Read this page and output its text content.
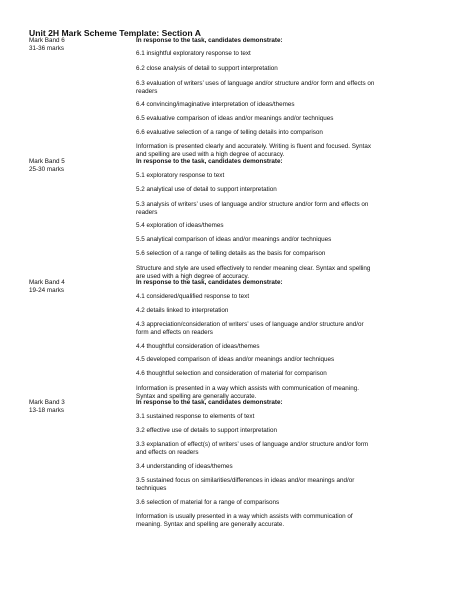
Unit 2H Mark Scheme Template: Section A
Mark Band 6
31-36 marks
In response to the task, candidates demonstrate:
6.1 insightful exploratory response to text
6.2 close analysis of detail to support interpretation
6.3 evaluation of writers’ uses of language and/or structure and/or form and effects on readers
6.4 convincing/imaginative interpretation of ideas/themes
6.5 evaluative comparison of ideas and/or meanings and/or techniques
6.6 evaluative selection of a range of telling details into comparison
Information is presented clearly and accurately. Writing is fluent and focused. Syntax and spelling are used with a high degree of accuracy.
Mark Band 5
25-30 marks
In response to the task, candidates demonstrate:
5.1 exploratory response to text
5.2 analytical use of detail to support interpretation
5.3 analysis of writers’ uses of language and/or structure and/or form and effects on readers
5.4 exploration of ideas/themes
5.5 analytical comparison of ideas and/or meanings and/or techniques
5.6 selection of a range of telling details as the basis for comparison
Structure and style are used effectively to render meaning clear. Syntax and spelling are used with a high degree of accuracy.
Mark Band 4
19-24 marks
In response to the task, candidates demonstrate:
4.1 considered/qualified response to text
4.2 details linked to interpretation
4.3 appreciation/consideration of writers’ uses of language and/or structure and/or form and effects on readers
4.4 thoughtful consideration of ideas/themes
4.5 developed comparison of ideas and/or meanings and/or techniques
4.6 thoughtful selection and consideration of material for comparison
Information is presented in a way which assists with communication of meaning. Syntax and spelling are generally accurate.
Mark Band 3
13-18 marks
In response to the task, candidates demonstrate:
3.1 sustained response to elements of text
3.2 effective use of details to support interpretation
3.3 explanation of effect(s) of writers’ uses of language and/or structure and/or form and effects on readers
3.4 understanding of ideas/themes
3.5 sustained focus on similarities/differences in ideas and/or meanings and/or techniques
3.6 selection of material for a range of comparisons
Information is usually presented in a way which assists with communication of meaning. Syntax and spelling are generally accurate.
